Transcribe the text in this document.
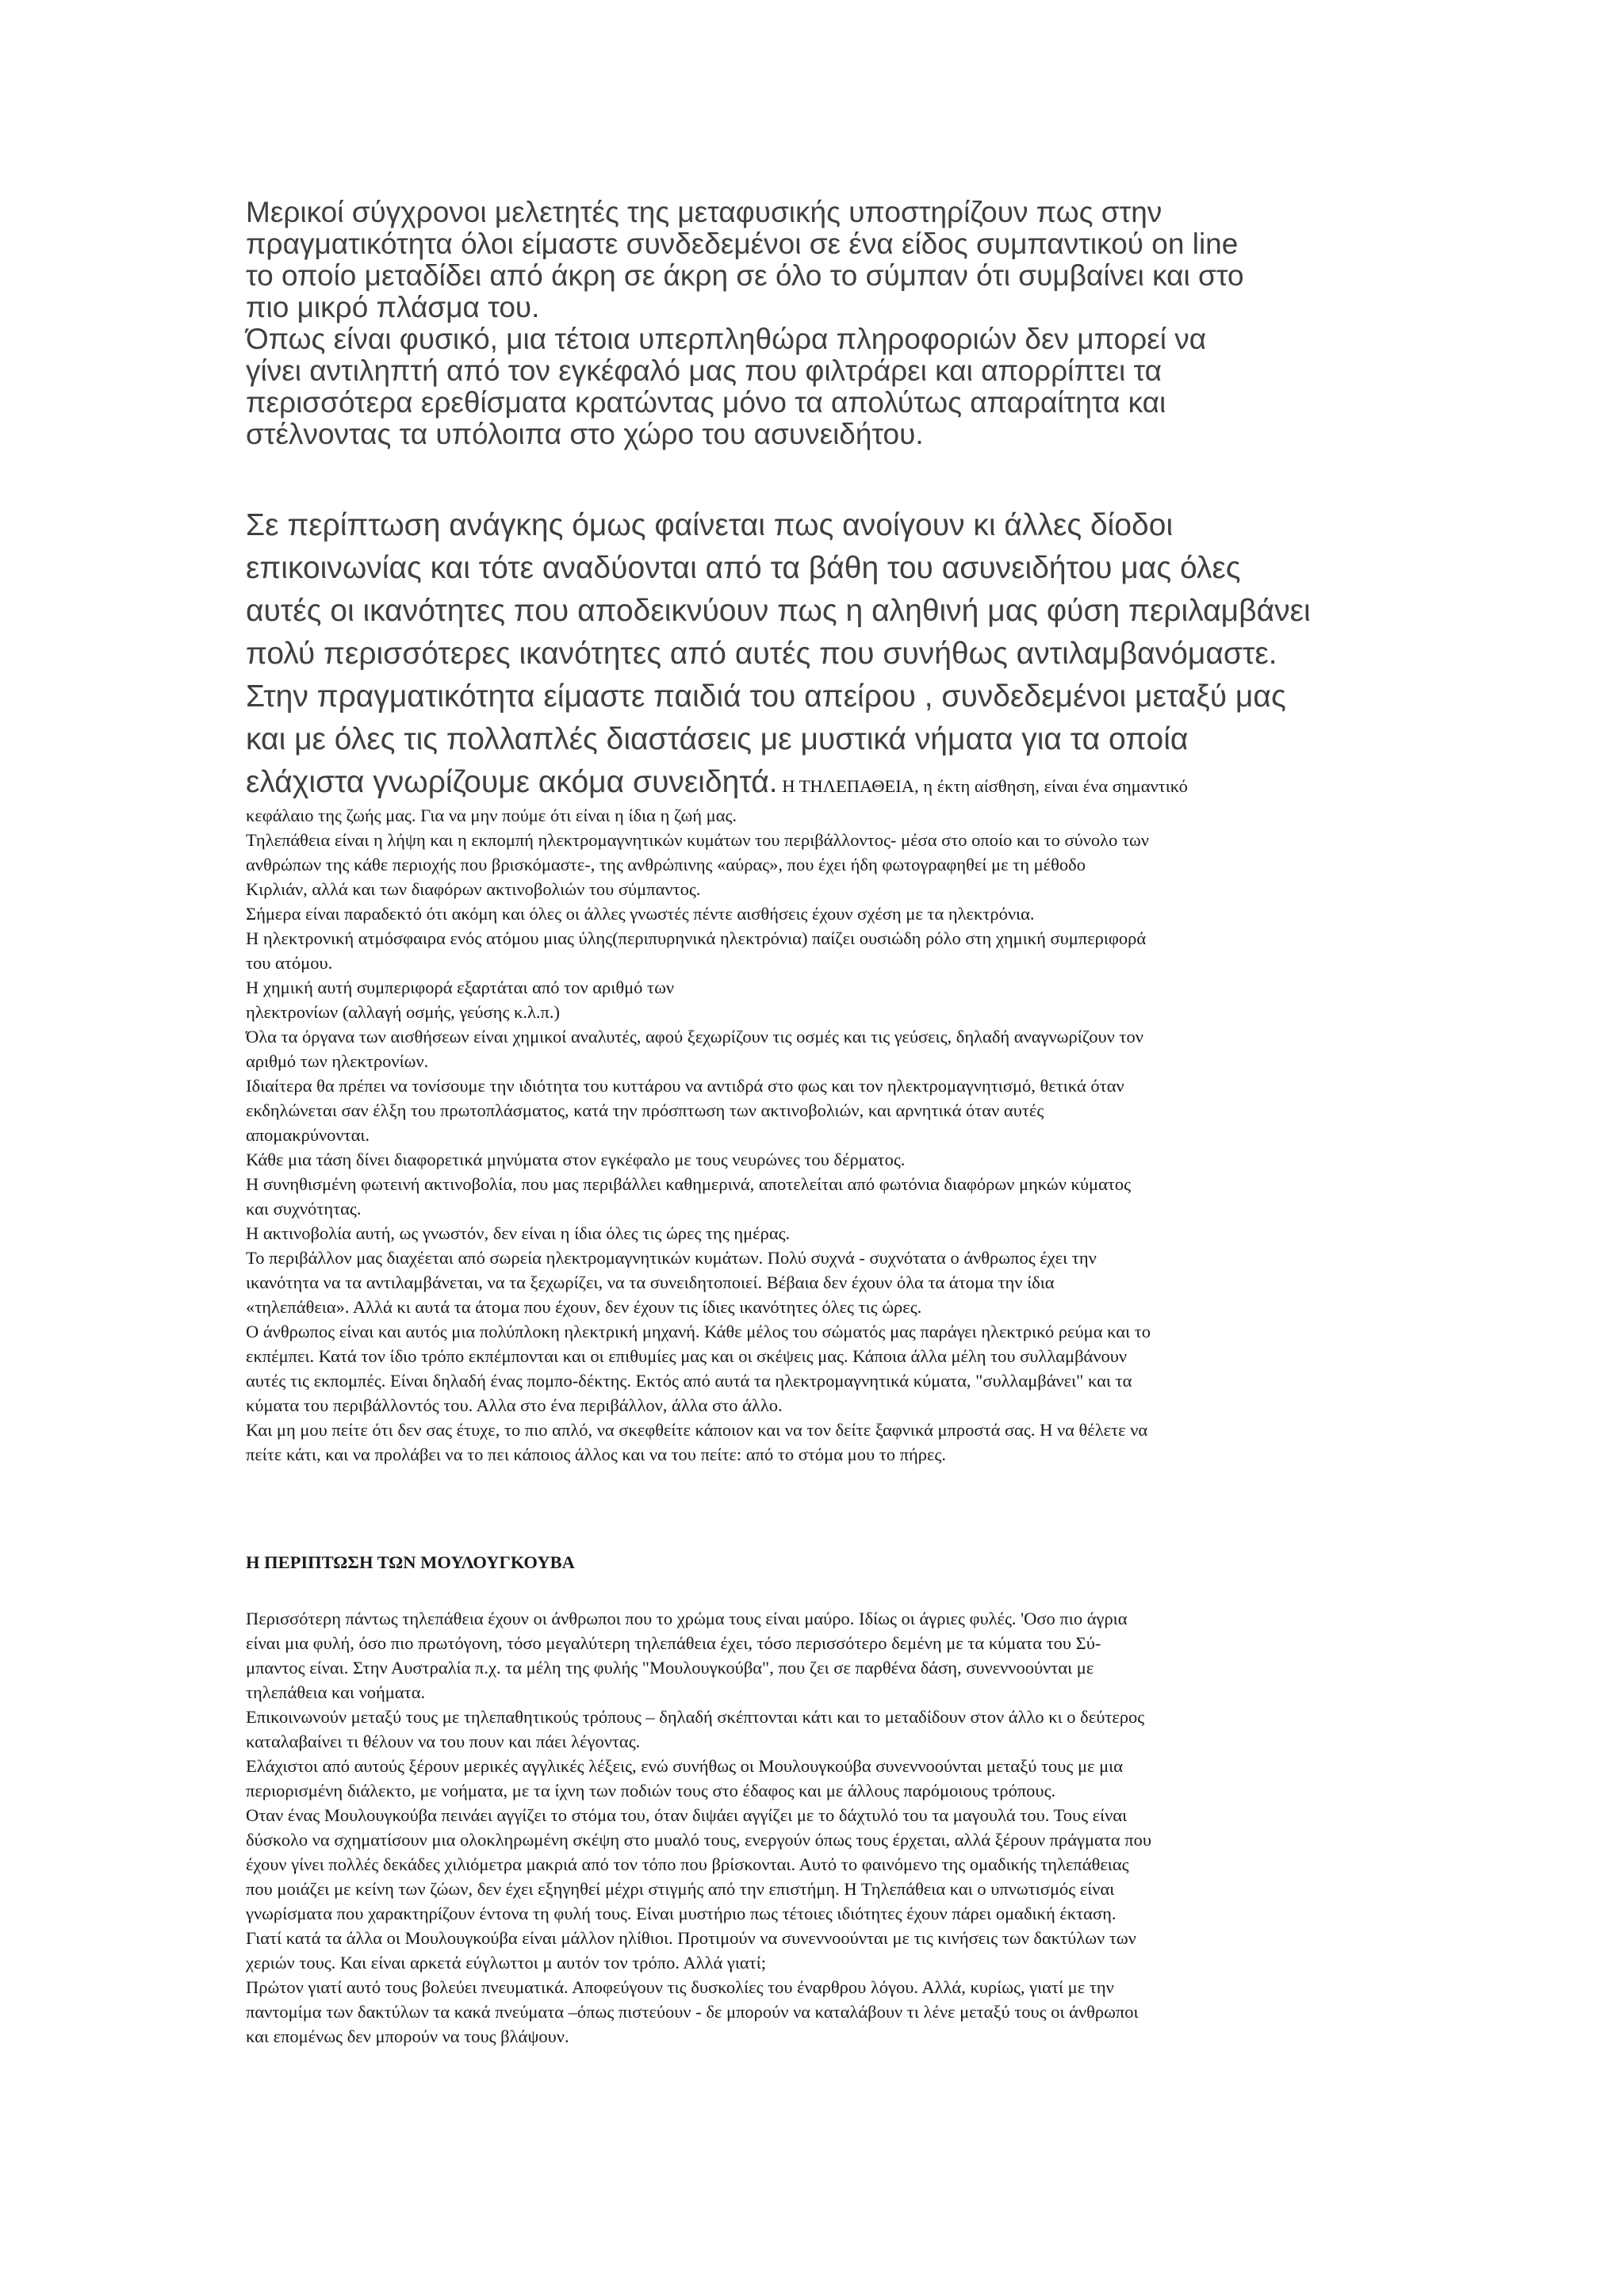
Μερικοί σύγχρονοι μελετητές της μεταφυσικής υποστηρίζουν πως στην

πραγματικότητα όλοι είμαστε συνδεδεμένοι σε ένα είδος συμπαντικού on line

το οποίο μεταδίδει από άκρη σε άκρη σε όλο το σύμπαν ότι συμβαίνει και στο

πιο μικρό πλάσμα του.

Όπως είναι φυσικό, μια τέτοια υπερπληθώρα πληροφοριών δεν μπορεί να

γίνει αντιληπτή από τον εγκέφαλό μας που φιλτράρει και απορρίπτει τα

περισσότερα ερεθίσματα κρατώντας μόνο τα απολύτως απαραίτητα και

στέλνοντας τα υπόλοιπα στο χώρο του ασυνειδήτου.

Σε περίπτωση ανάγκης όμως φαίνεται πως ανοίγουν κι άλλες δίοδοι

επικοινωνίας και τότε αναδύονται από τα βάθη του ασυνειδήτου μας όλες

αυτές οι ικανότητες που αποδεικνύουν πως η αληθινή μας φύση περιλαμβάνει

πολύ περισσότερες ικανότητες από αυτές που συνήθως αντιλαμβανόμαστε.

Στην πραγματικότητα είμαστε παιδιά του απείρου , συνδεδεμένοι μεταξύ μας

και με όλες τις πολλαπλές διαστάσεις με μυστικά νήματα για τα οποία

ελάχιστα γνωρίζουμε ακόμα συνειδητά. Η ΤΗΛΕΠΑΘΕΙΑ, η έκτη αίσθηση, είναι ένα σημαντικό

κεφάλαιο της ζωής μας. Για να μην πούμε ότι είναι η ίδια η ζωή μας.

Τηλεπάθεια είναι η λήψη και η εκπομπή ηλεκτρομαγνητικών κυμάτων του περιβάλλοντος- μέσα στο οποίο και το σύνολο των

ανθρώπων της κάθε περιοχής που βρισκόμαστε-, της ανθρώπινης «αύρας», που έχει ήδη φωτογραφηθεί με τη μέθοδο

Κιρλιάν, αλλά και των διαφόρων ακτινοβολιών του σύμπαντος.

Σήμερα είναι παραδεκτό ότι ακόμη και όλες οι άλλες γνωστές πέντε αισθήσεις έχουν σχέση με τα ηλεκτρόνια.

Η ηλεκτρονική ατμόσφαιρα ενός ατόμου μιας ύλης(περιπυρηνικά ηλεκτρόνια) παίζει ουσιώδη ρόλο στη χημική συμπεριφορά

του ατόμου.

Η χημική αυτή συμπεριφορά εξαρτάται από τον αριθμό των

ηλεκτρονίων (αλλαγή οσμής, γεύσης κ.λ.π.)

Όλα τα όργανα των αισθήσεων είναι χημικοί αναλυτές, αφού ξεχωρίζουν τις οσμές και τις γεύσεις, δηλαδή αναγνωρίζουν τον

αριθμό των ηλεκτρονίων.

Ιδιαίτερα θα πρέπει να τονίσουμε την ιδιότητα του κυττάρου να αντιδρά στο φως και τον ηλεκτρομαγνητισμό, θετικά όταν

εκδηλώνεται σαν έλξη του πρωτοπλάσματος, κατά την πρόσπτωση των ακτινοβολιών, και αρνητικά όταν αυτές

απομακρύνονται.

Κάθε μια τάση δίνει διαφορετικά μηνύματα στον εγκέφαλο με τους νευρώνες του δέρματος.

Η συνηθισμένη φωτεινή ακτινοβολία, που μας περιβάλλει καθημερινά, αποτελείται από φωτόνια διαφόρων μηκών κύματος

και συχνότητας.

Η ακτινοβολία αυτή, ως γνωστόν, δεν είναι η ίδια όλες τις ώρες της ημέρας.

Το περιβάλλον μας διαχέεται από σωρεία ηλεκτρομαγνητικών κυμάτων. Πολύ συχνά - συχνότατα ο άνθρωπος έχει την

ικανότητα να τα αντιλαμβάνεται, να τα ξεχωρίζει, να τα συνειδητοποιεί. Βέβαια δεν έχουν όλα τα άτομα την ίδια

«τηλεπάθεια». Αλλά κι αυτά τα άτομα που έχουν, δεν έχουν τις ίδιες ικανότητες όλες τις ώρες.

Ο άνθρωπος είναι και αυτός μια πολύπλοκη ηλεκτρική μηχανή. Κάθε μέλος του σώματός μας παράγει ηλεκτρικό ρεύμα και το

εκπέμπει. Κατά τον ίδιο τρόπο εκπέμπονται και οι επιθυμίες μας και οι σκέψεις μας. Κάποια άλλα μέλη του συλλαμβάνουν

αυτές τις εκπομπές. Είναι δηλαδή ένας πομπο-δέκτης. Εκτός από αυτά τα ηλεκτρομαγνητικά κύματα, "συλλαμβάνει" και τα

κύματα του περιβάλλοντός του. Αλλα στο ένα περιβάλλον, άλλα στο άλλο.

Και μη μου πείτε ότι δεν σας έτυχε, το πιο απλό, να σκεφθείτε κάποιον και να τον δείτε ξαφνικά μπροστά σας. Η να θέλετε να

πείτε κάτι, και να προλάβει να το πει κάποιος άλλος και να του πείτε: από το στόμα μου το πήρες.

Η ΠΕΡΙΠΤΩΣΗ ΤΩΝ ΜΟΥΛΟΥΓΚΟΥΒΑ

Περισσότερη πάντως τηλεπάθεια έχουν οι άνθρωποι που το χρώμα τους είναι μαύρο. Ιδίως οι άγριες φυλές. 'Οσο πιο άγρια

είναι μια φυλή, όσο πιο πρωτόγονη, τόσο μεγαλύτερη τηλεπάθεια έχει, τόσο περισσότερο δεμένη με τα κύματα του Σύ-

μπαντος είναι. Στην Αυστραλία π.χ. τα μέλη της φυλής "Μουλουγκούβα", που ζει σε παρθένα δάση, συνεννοούνται με

τηλεπάθεια και νοήματα.

Επικοινωνούν μεταξύ τους με τηλεπαθητικούς τρόπους – δηλαδή σκέπτονται κάτι και το μεταδίδουν στον άλλο κι ο δεύτερος

καταλαβαίνει τι θέλουν να του πουν και πάει λέγοντας.

Ελάχιστοι από αυτούς ξέρουν μερικές αγγλικές λέξεις, ενώ συνήθως οι Μουλουγκούβα συνεννοούνται μεταξύ τους με μια

περιορισμένη διάλεκτο, με νοήματα, με τα ίχνη των ποδιών τους στο έδαφος και με άλλους παρόμοιους τρόπους.

Οταν ένας Μουλουγκούβα πεινάει αγγίζει το στόμα του, όταν διψάει αγγίζει με το δάχτυλό του τα μαγουλά του. Τους είναι

δύσκολο να σχηματίσουν μια ολοκληρωμένη σκέψη στο μυαλό τους, ενεργούν όπως τους έρχεται, αλλά ξέρουν πράγματα που

έχουν γίνει πολλές δεκάδες χιλιόμετρα μακριά από τον τόπο που βρίσκονται. Αυτό το φαινόμενο της ομαδικής τηλεπάθειας

που μοιάζει με κείνη των ζώων, δεν έχει εξηγηθεί μέχρι στιγμής από την επιστήμη. Η Τηλεπάθεια και ο υπνωτισμός είναι

γνωρίσματα που χαρακτηρίζουν έντονα τη φυλή τους. Είναι μυστήριο πως τέτοιες ιδιότητες έχουν πάρει ομαδική έκταση.

Γιατί κατά τα άλλα οι Μουλουγκούβα είναι μάλλον ηλίθιοι. Προτιμούν να συνεννοούνται με τις κινήσεις των δακτύλων των

χεριών τους. Και είναι αρκετά εύγλωττοι μ αυτόν τον τρόπο. Αλλά γιατί;

Πρώτον γιατί αυτό τους βολεύει πνευματικά. Αποφεύγουν τις δυσκολίες του έναρθρου λόγου. Αλλά, κυρίως, γιατί με την

παντομίμα των δακτύλων τα κακά πνεύματα –όπως πιστεύουν - δε μπορούν να καταλάβουν τι λένε μεταξύ τους οι άνθρωποι

και επομένως δεν μπορούν να τους βλάψουν.
